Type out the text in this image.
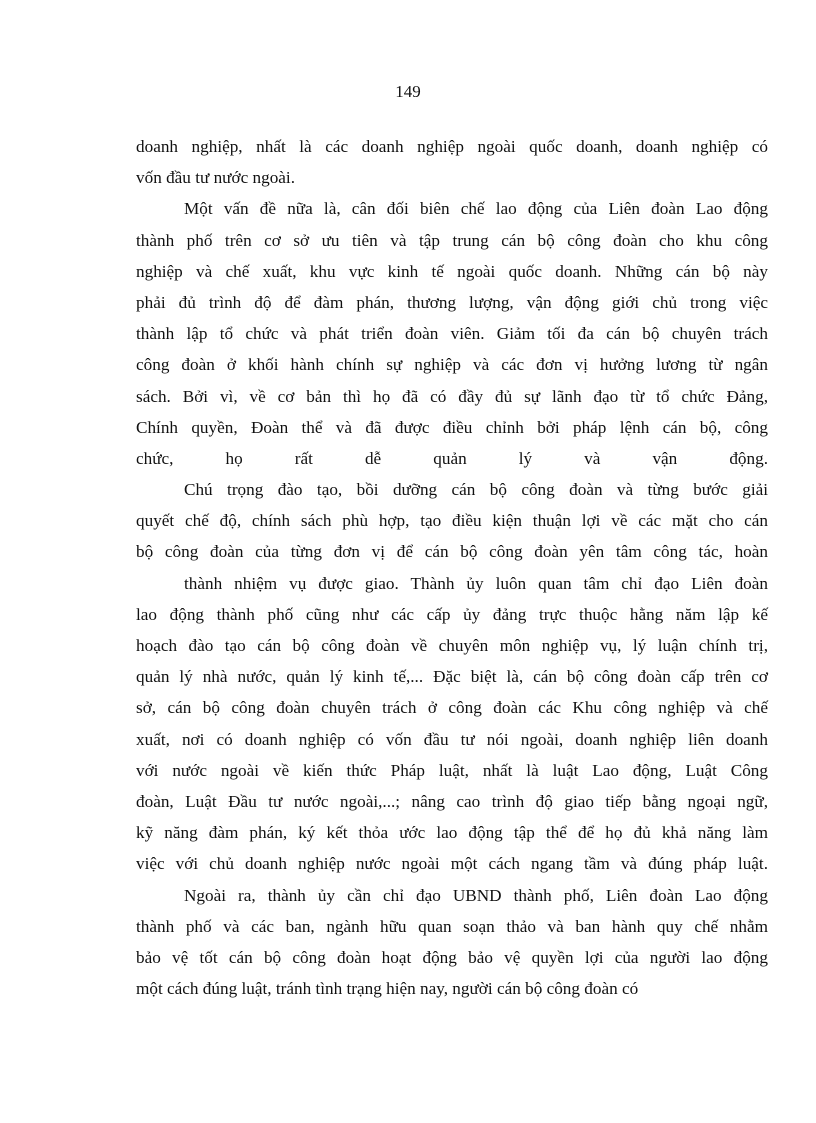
149
doanh nghiệp, nhất là các doanh nghiệp ngoài quốc doanh, doanh nghiệp có
vốn đầu tư nước ngoài.
Một vấn đề nữa là, cân đối biên chế lao động của Liên đoàn Lao động
thành phố trên cơ sở ưu tiên và tập trung cán bộ công đoàn cho khu công
nghiệp và chế xuất, khu vực kinh tế ngoài quốc doanh. Những cán bộ này
phải đủ trình độ để đàm phán, thương lượng, vận động giới chủ trong việc
thành lập tổ chức và phát triển đoàn viên. Giảm tối đa cán bộ chuyên trách
công đoàn ở khối hành chính sự nghiệp và các đơn vị hưởng lương từ ngân
sách. Bởi vì, về cơ bản thì họ đã có đầy đủ sự lãnh đạo từ tổ chức Đảng,
Chính quyền, Đoàn thể và đã được điều chỉnh bởi pháp lệnh cán bộ, công
chức, họ rất dễ quản lý và vận động.
Chú trọng đào tạo, bồi dưỡng cán bộ công đoàn và từng bước giải
quyết chế độ, chính sách phù hợp, tạo điều kiện thuận lợi về các mặt cho cán
bộ công đoàn của từng đơn vị để cán bộ công đoàn yên tâm công tác, hoàn
thành nhiệm vụ được giao. Thành ủy luôn quan tâm chỉ đạo Liên đoàn
lao động thành phố cũng như các cấp ủy đảng trực thuộc hằng năm lập kế
hoạch đào tạo cán bộ công đoàn về chuyên môn nghiệp vụ, lý luận chính trị,
quản lý nhà nước, quản lý kinh tế,... Đặc biệt là, cán bộ công đoàn cấp trên cơ
sở, cán bộ công đoàn chuyên trách ở công đoàn các Khu công nghiệp và chế
xuất, nơi có doanh nghiệp có vốn đầu tư nói ngoài, doanh nghiệp liên doanh
với nước ngoài về kiến thức Pháp luật, nhất là luật Lao động, Luật Công
đoàn, Luật Đầu tư nước ngoài,...; nâng cao trình độ giao tiếp bằng ngoại ngữ,
kỹ năng đàm phán, ký kết thỏa ước lao động tập thể để họ đủ khả năng làm
việc với chủ doanh nghiệp nước ngoài một cách ngang tầm và đúng pháp luật.
Ngoài ra, thành ủy cần chỉ đạo UBND thành phố, Liên đoàn Lao động
thành phố và các ban, ngành hữu quan soạn thảo và ban hành quy chế nhằm
bảo vệ tốt cán bộ công đoàn hoạt động bảo vệ quyền lợi của người lao động
một cách đúng luật, tránh tình trạng hiện nay, người cán bộ công đoàn có
